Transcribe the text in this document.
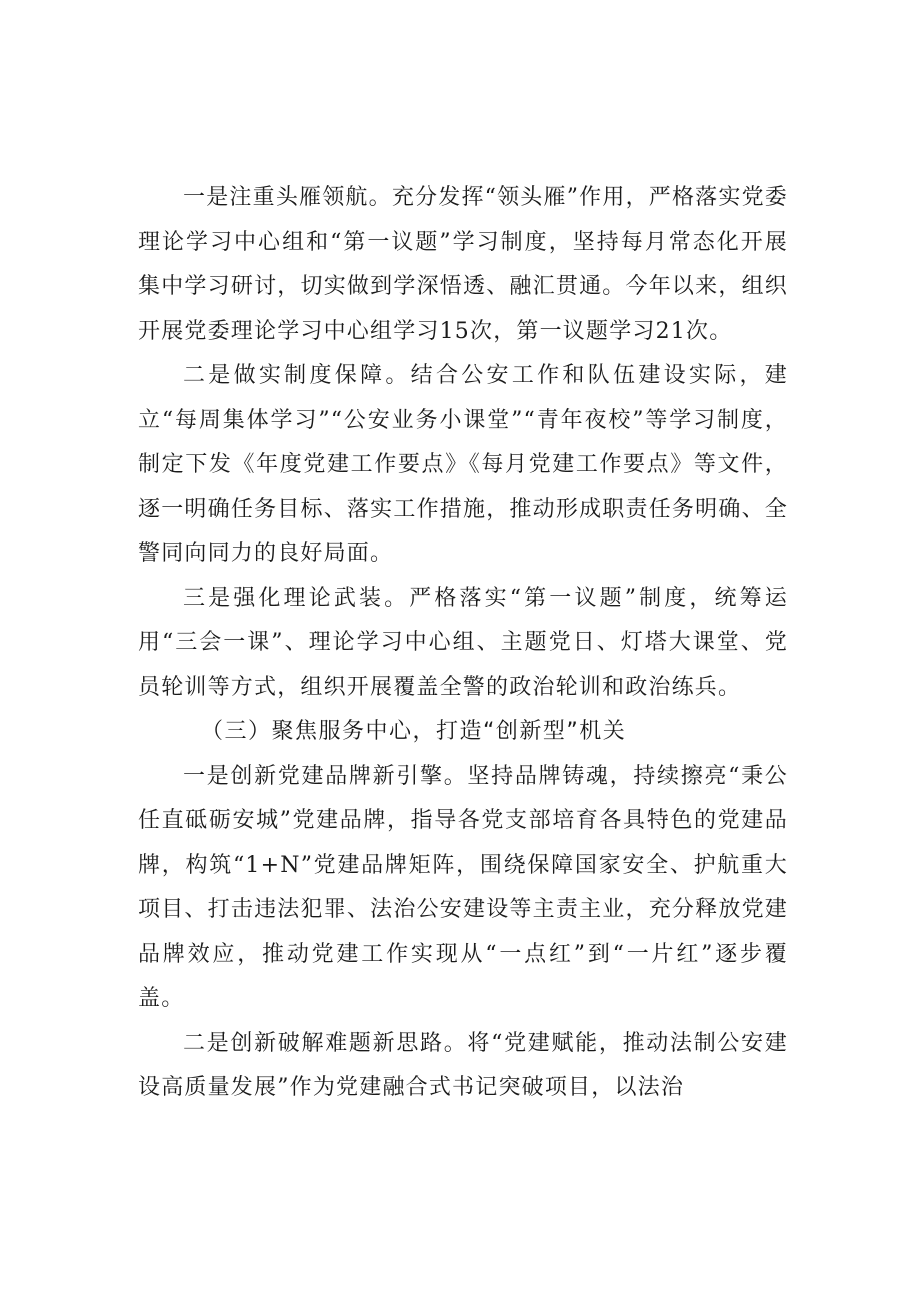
一是注重头雁领航。充分发挥“领头雁”作用，严格落实党委理论学习中心组和“第一议题”学习制度，坚持每月常态化开展集中学习研讨，切实做到学深悟透、融汇贯通。今年以来，组织开展党委理论学习中心组学习15次，第一议题学习21次。

二是做实制度保障。结合公安工作和队伍建设实际，建立“每周集体学习”“公安业务小课堂”“青年夜校”等学习制度，制定下发《年度党建工作要点》《每月党建工作要点》等文件，逐一明确任务目标、落实工作措施，推动形成职责任务明确、全警同向同力的良好局面。

三是强化理论武装。严格落实“第一议题”制度，统筹运用“三会一课”、理论学习中心组、主题党日、灯塔大课堂、党员轮训等方式，组织开展覆盖全警的政治轮训和政治练兵。

（三）聚焦服务中心，打造“创新型”机关

一是创新党建品牌新引擎。坚持品牌铸魂，持续擦亮“秉公任直砥砺安城”党建品牌，指导各党支部培育各具特色的党建品牌，构筑“1+N”党建品牌矩阵，围绕保障国家安全、护航重大项目、打击违法犯罪、法治公安建设等主责主业，充分释放党建品牌效应，推动党建工作实现从“一点红”到“一片红”逐步覆盖。

二是创新破解难题新思路。将“党建赋能，推动法制公安建设高质量发展”作为党建融合式书记突破项目，以法治
